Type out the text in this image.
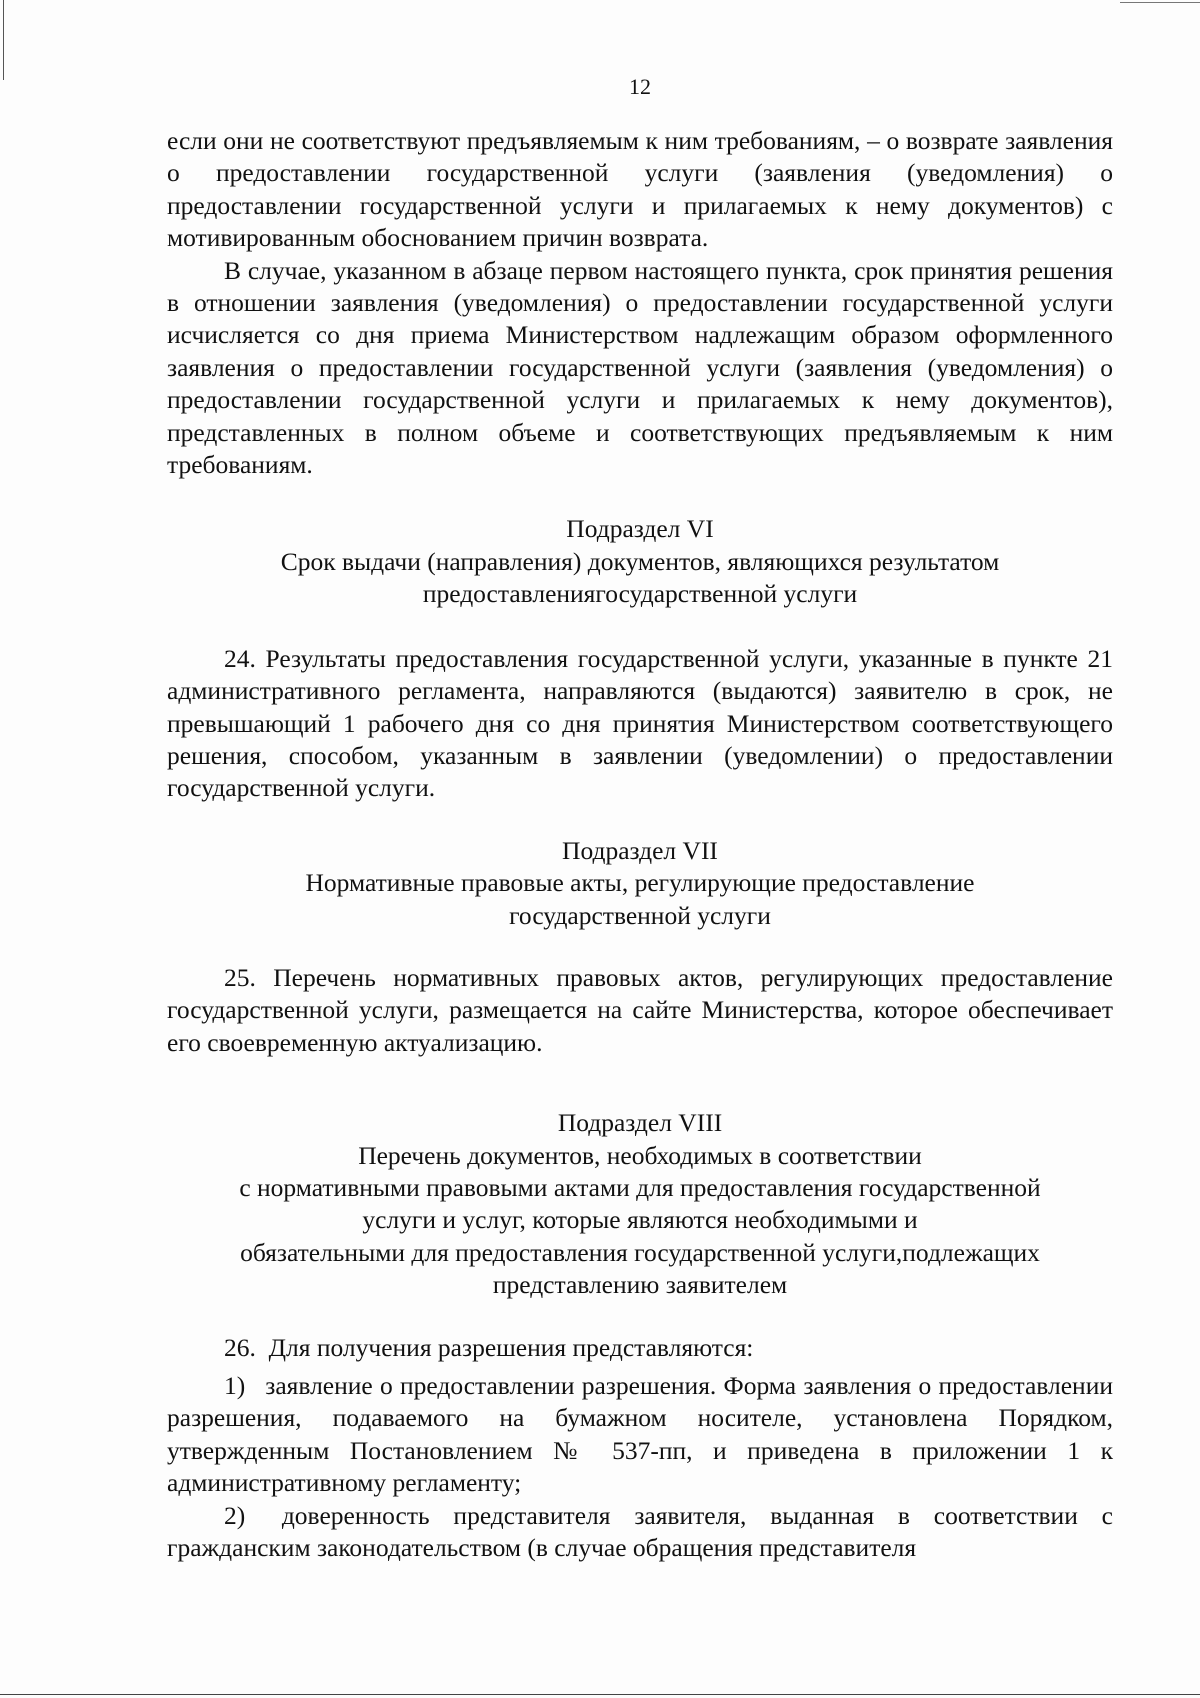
12

если они не соответствуют предъявляемым к ним требованиям, – о возврате заявления о предоставлении государственной услуги (заявления (уведомления) о предоставлении государственной услуги и прилагаемых к нему документов) с мотивированным обоснованием причин возврата.

В случае, указанном в абзаце первом настоящего пункта, срок принятия решения в отношении заявления (уведомления) о предоставлении государственной услуги исчисляется со дня приема Министерством надлежащим образом оформленного заявления о предоставлении государственной услуги (заявления (уведомления) о предоставлении государственной услуги и прилагаемых к нему документов), представленных в полном объеме и соответствующих предъявляемым к ним требованиям.

Подраздел VI
Срок выдачи (направления) документов, являющихся результатом
предоставлениягосударственной услуги

24. Результаты предоставления государственной услуги, указанные в пункте 21 административного регламента, направляются (выдаются) заявителю в срок, не превышающий 1 рабочего дня со дня принятия Министерством соответствующего решения, способом, указанным в заявлении (уведомлении) о предоставлении государственной услуги.

Подраздел VII
Нормативные правовые акты, регулирующие предоставление
государственной услуги

25. Перечень нормативных правовых актов, регулирующих предоставление государственной услуги, размещается на сайте Министерства, которое обеспечивает его своевременную актуализацию.

Подраздел VIII
Перечень документов, необходимых в соответствии
с нормативными правовыми актами для предоставления государственной
услуги и услуг, которые являются необходимыми и
обязательными для предоставления государственной услуги,подлежащих
представлению заявителем

26. Для получения разрешения представляются:

1)  заявление о предоставлении разрешения. Форма заявления о предоставлении разрешения, подаваемого на бумажном носителе, установлена Порядком, утвержденным Постановлением № 537-пп, и приведена в приложении 1 к административному регламенту;

2)  доверенность представителя заявителя, выданная в соответствии с гражданским законодательством (в случае обращения представителя
